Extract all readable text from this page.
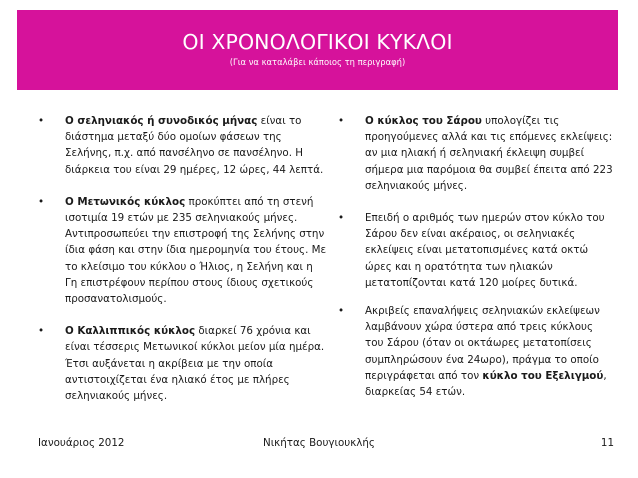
ΟΙ ΧΡΟΝΟΛΟΓΙΚΟΙ ΚΥΚΛΟΙ
(Για να καταλάβει κάποιος τη περιγραφή)
• Ο σεληνιακός ή συνοδικός μήνας είναι το διάστημα μεταξύ δύο ομοίων φάσεων της Σελήνης, π.χ. από πανσέληνο σε πανσέληνο. Η διάρκεια του είναι 29 ημέρες, 12 ώρες, 44 λεπτά.
• Ο Μετωνικός κύκλος προκύπτει από τη στενή ισοτιμία 19 ετών με 235 σεληνιακούς μήνες. Αντιπροσωπεύει την επιστροφή της Σελήνης στην ίδια φάση και στην ίδια ημερομηνία του έτους. Με το κλείσιμο του κύκλου ο Ήλιος, η Σελήνη και η Γη επιστρέφουν περίπου στους ίδιους σχετικούς προσανατολισμούς.
• Ο Καλλιππικός κύκλος διαρκεί 76 χρόνια και είναι τέσσερις Μετωνικοί κύκλοι μείον μία ημέρα. Έτσι αυξάνεται η ακρίβεια με την οποία αντιστοιχίζεται ένα ηλιακό έτος με πλήρες σεληνιακούς μήνες.
• Ο κύκλος του Σάρου υπολογίζει τις προηγούμενες αλλά και τις επόμενες εκλείψεις: αν μια ηλιακή ή σεληνιακή έκλειψη συμβεί σήμερα μια παρόμοια θα συμβεί έπειτα από 223 σεληνιακούς μήνες.
• Επειδή ο αριθμός των ημερών στον κύκλο του Σάρου δεν είναι ακέραιος, οι σεληνιακές εκλείψεις είναι μετατοπισμένες κατά οκτώ ώρες και η ορατότητα των ηλιακών μετατοπίζονται κατά 120 μοίρες δυτικά.
• Ακριβείς επαναλήψεις σεληνιακών εκλείψεων λαμβάνουν χώρα ύστερα από τρεις κύκλους του Σάρου (όταν οι οκτάωρες μετατοπίσεις συμπληρώσουν ένα 24ωρο), πράγμα το οποίο περιγράφεται από τον κύκλο του Εξελιγμού, διαρκείας 54 ετών.
Ιανουάριος 2012	Νικήτας Βουγιουκλής	11
